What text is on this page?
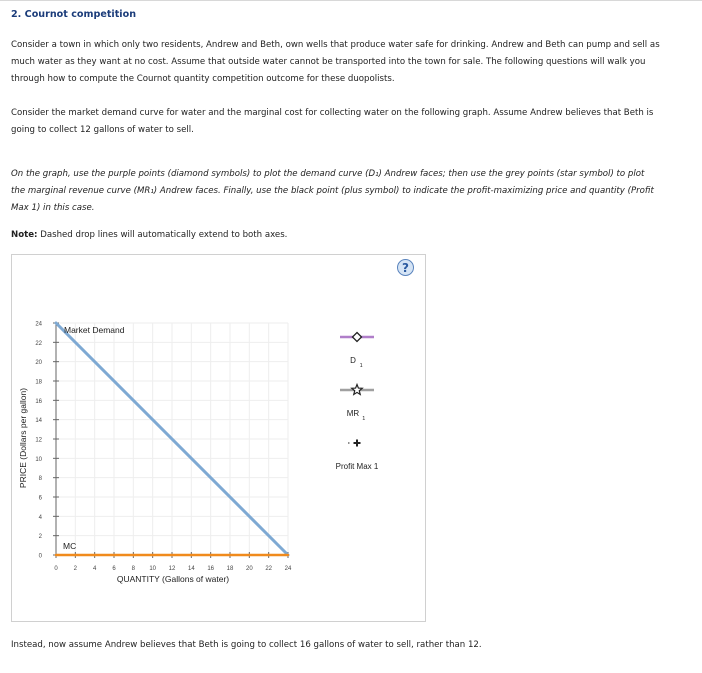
2. Cournot competition
Consider a town in which only two residents, Andrew and Beth, own wells that produce water safe for drinking. Andrew and Beth can pump and sell as
much water as they want at no cost. Assume that outside water cannot be transported into the town for sale. The following questions will walk you
through how to compute the Cournot quantity competition outcome for these duopolists.
Consider the market demand curve for water and the marginal cost for collecting water on the following graph. Assume Andrew believes that Beth is
going to collect 12 gallons of water to sell.
On the graph, use the purple points (diamond symbols) to plot the demand curve (D₁) Andrew faces; then use the grey points (star symbol) to plot
the marginal revenue curve (MR₁) Andrew faces. Finally, use the black point (plus symbol) to indicate the profit-maximizing price and quantity (Profit
Max 1) in this case.
Note: Dashed drop lines will automatically extend to both axes.
?
0
2
4
6
8
10
12
14
16
18
20
22
24
0	2	4	6	8 10 12 14 16 18 20 22 24
Market Demand
MC
QUANTITY (Gallons of water)
PRICE (Dollars per gallon)
D
1
MR
1
Profit Max 1
Instead, now assume Andrew believes that Beth is going to collect 16 gallons of water to sell, rather than 12.
